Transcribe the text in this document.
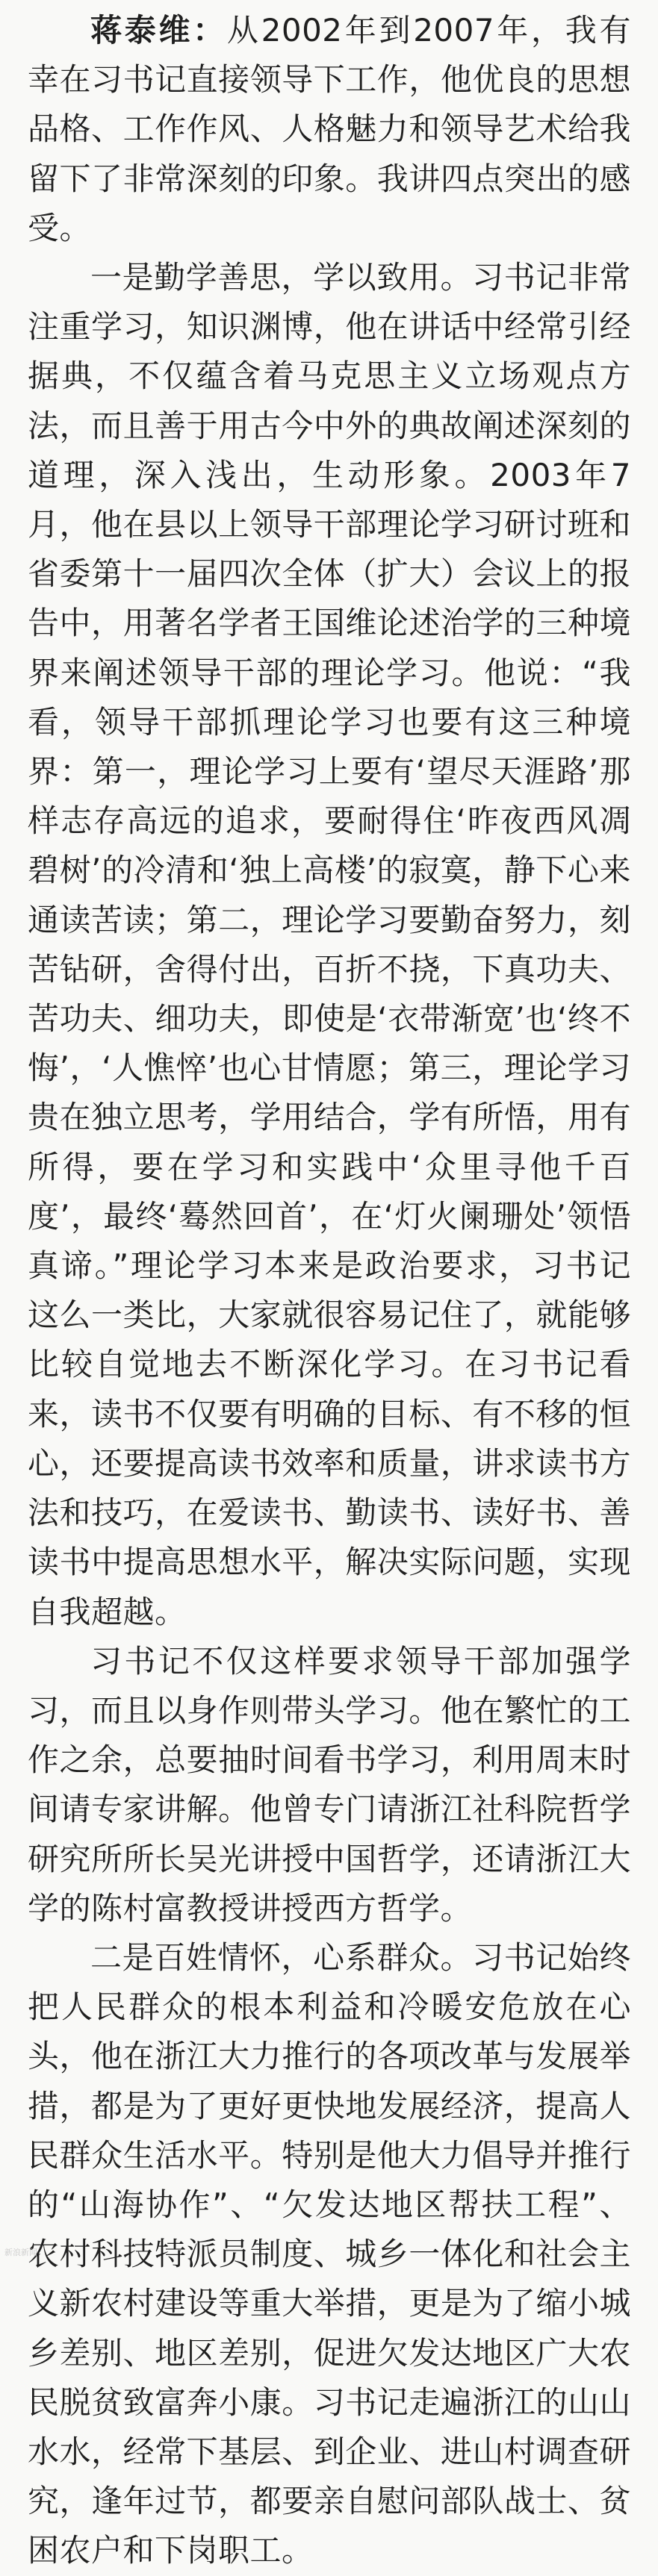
蒋泰维：从2002年到2007年，我有幸在习书记直接领导下工作，他优良的思想品格、工作作风、人格魅力和领导艺术给我留下了非常深刻的印象。我讲四点突出的感受。

一是勤学善思，学以致用。习书记非常注重学习，知识渊博，他在讲话中经常引经据典，不仅蕴含着马克思主义立场观点方法，而且善于用古今中外的典故阐述深刻的道理，深入浅出，生动形象。2003年7月，他在县以上领导干部理论学习研讨班和省委第十一届四次全体（扩大）会议上的报告中，用著名学者王国维论述治学的三种境界来阐述领导干部的理论学习。他说：“我看，领导干部抓理论学习也要有这三种境界：第一，理论学习上要有‘望尽天涯路’那样志存高远的追求，要耐得住‘昨夜西风凋碧树’的冷清和‘独上高楼’的寂寞，静下心来通读苦读；第二，理论学习要勤奋努力，刻苦钻研，舍得付出，百折不挠，下真功夫、苦功夫、细功夫，即使是‘衣带渐宽’也‘终不悔’，‘人憔悴’也心甘情愿；第三，理论学习贵在独立思考，学用结合，学有所悟，用有所得，要在学习和实践中‘众里寻他千百度’，最终‘蓦然回首’，在‘灯火阑珊处’领悟真谛。”理论学习本来是政治要求，习书记这么一类比，大家就很容易记住了，就能够比较自觉地去不断深化学习。在习书记看来，读书不仅要有明确的目标、有不移的恒心，还要提高读书效率和质量，讲求读书方法和技巧，在爱读书、勤读书、读好书、善读书中提高思想水平，解决实际问题，实现自我超越。

习书记不仅这样要求领导干部加强学习，而且以身作则带头学习。他在繁忙的工作之余，总要抽时间看书学习，利用周末时间请专家讲解。他曾专门请浙江社科院哲学研究所所长吴光讲授中国哲学，还请浙江大学的陈村富教授讲授西方哲学。

二是百姓情怀，心系群众。习书记始终把人民群众的根本利益和冷暖安危放在心头，他在浙江大力推行的各项改革与发展举措，都是为了更好更快地发展经济，提高人民群众生活水平。特别是他大力倡导并推行的“山海协作”、“欠发达地区帮扶工程”、农村科技特派员制度、城乡一体化和社会主义新农村建设等重大举措，更是为了缩小城乡差别、地区差别，促进欠发达地区广大农民脱贫致富奔小康。习书记走遍浙江的山山水水，经常下基层、到企业、进山村调查研究，逢年过节，都要亲自慰问部队战士、贫困农户和下岗职工。

新浪新闻
